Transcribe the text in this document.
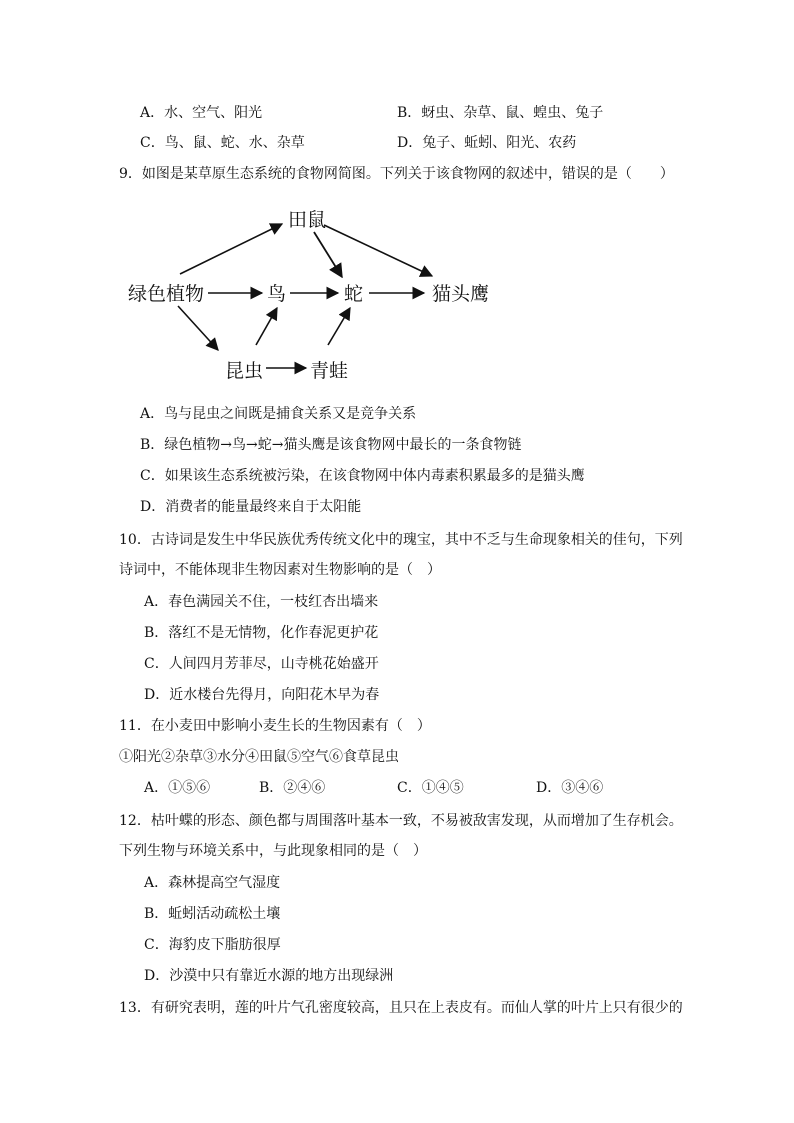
A．水、空气、阳光	B．蚜虫、杂草、鼠、蝗虫、兔子
C．鸟、鼠、蛇、水、杂草	D．兔子、蚯蚓、阳光、农药
9．如图是某草原生态系统的食物网简图。下列关于该食物网的叙述中，错误的是（　　）
绿色植物
田鼠
鸟	蛇	猫头鹰
昆虫 青蛙
A．鸟与昆虫之间既是捕食关系又是竞争关系
B．绿色植物→鸟→蛇→猫头鹰是该食物网中最长的一条食物链
C．如果该生态系统被污染，在该食物网中体内毒素积累最多的是猫头鹰
D．消费者的能量最终来自于太阳能
10．古诗词是发生中华民族优秀传统文化中的瑰宝，其中不乏与生命现象相关的佳句，下列
诗词中，不能体现非生物因素对生物影响的是（　）
A．春色满园关不住，一枝红杏出墙来
B．落红不是无情物，化作春泥更护花
C．人间四月芳菲尽，山寺桃花始盛开
D．近水楼台先得月，向阳花木早为春
11．在小麦田中影响小麦生长的生物因素有（　）
①阳光②杂草③水分④田鼠⑤空气⑥食草昆虫
A．①⑤⑥	B．②④⑥	C．①④⑤	D．③④⑥
12．枯叶蝶的形态、颜色都与周围落叶基本一致，不易被敌害发现，从而增加了生存机会。
下列生物与环境关系中，与此现象相同的是（　）
A．森林提高空气湿度
B．蚯蚓活动疏松土壤
C．海豹皮下脂肪很厚
D．沙漠中只有靠近水源的地方出现绿洲
13．有研究表明，莲的叶片气孔密度较高，且只在上表皮有。而仙人掌的叶片上只有很少的
